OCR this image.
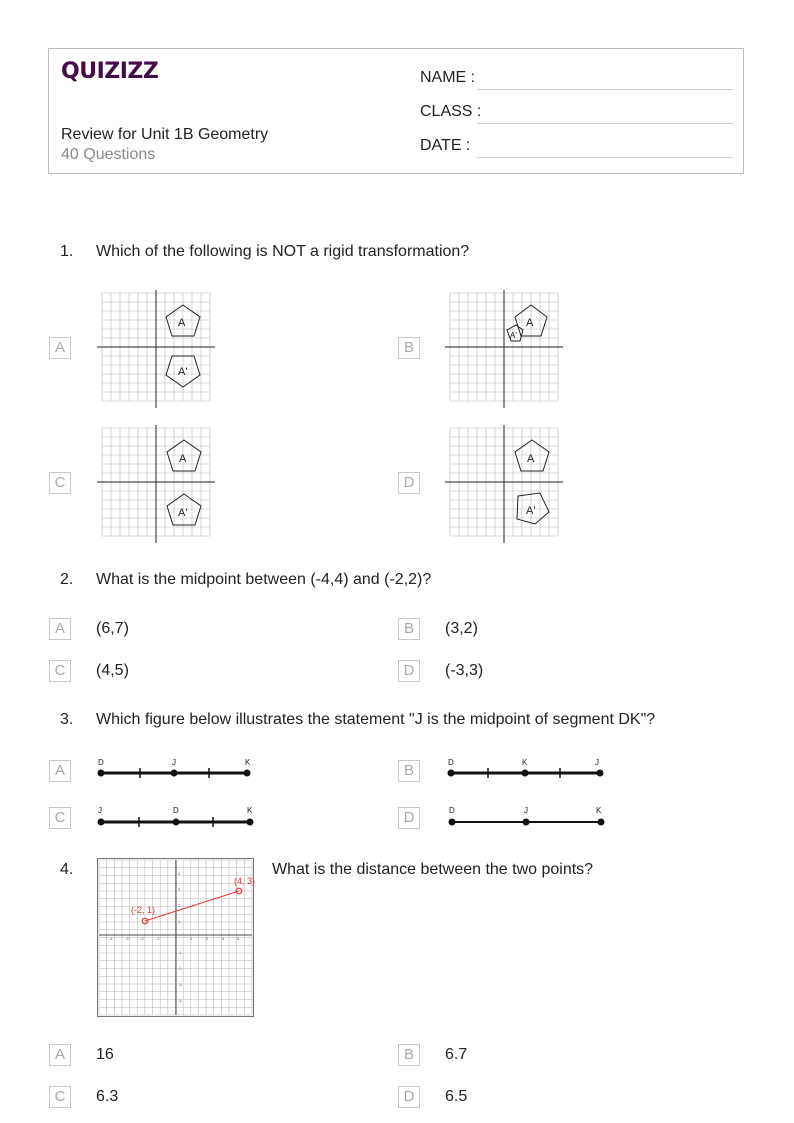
QUIZIZZ
Review for Unit 1B Geometry
40 Questions
NAME :
CLASS :
DATE :
1. Which of the following is NOT a rigid transformation?
A
A
A'
B
A
A'
C
A
A'
D
A
A'
2. What is the midpoint between (-4,4) and (-2,2)?
A	(6,7)	B	(3,2)
C	(4,5)	D	(-3,3)
3. Which figure below illustrates the statement "J is the midpoint of segment DK"?
A	D	J	K	B	D	K	J
C	J	D	K	D	D	J	K
4.
-4	-3	-2	-1	1	2	3	4
4
3
2
1
-1
-2
-3
-4
(-2, 1)
(4, 3)
What is the distance between the two points?
A	16	B	6.7
C	6.3	D	6.5
